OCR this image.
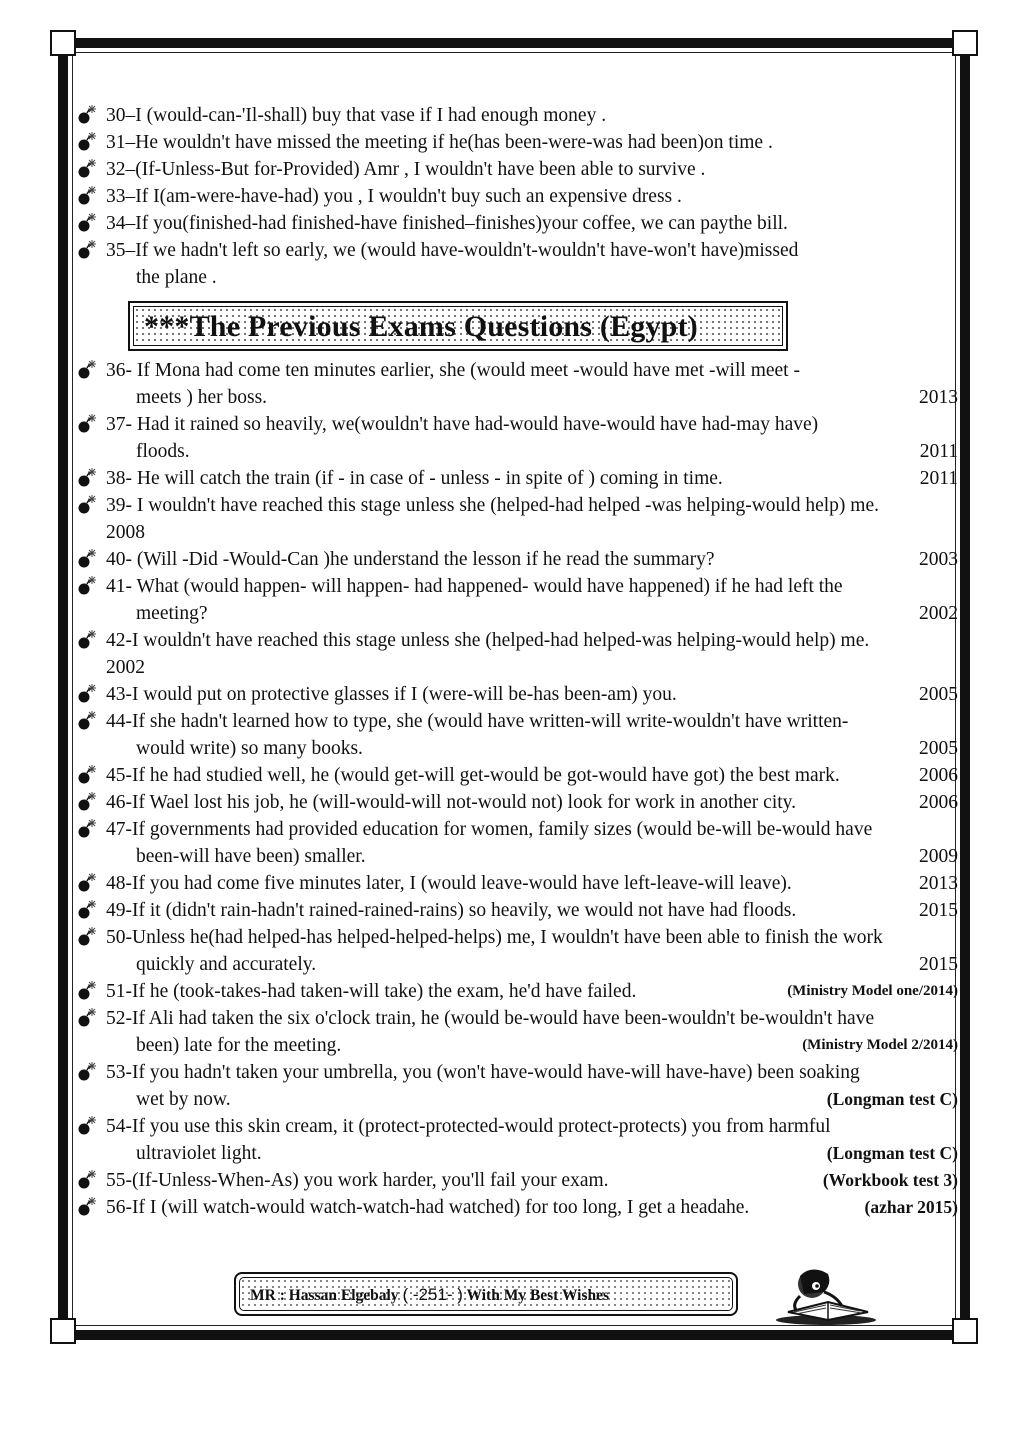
30–I (would-can-'Il-shall) buy that vase if I had enough money .
31–He wouldn't have missed the meeting if he(has been-were-was had been)on time .
32–(If-Unless-But for-Provided) Amr , I wouldn't have been able to survive .
33–If I(am-were-have-had) you , I wouldn't buy such an expensive dress .
34–If you(finished-had finished-have finished–finishes)your coffee, we can paythe bill.
35–If we hadn't left so early, we (would have-wouldn't-wouldn't have-won't have)missed
the plane .
***The Previous Exams Questions (Egypt)
36- If Mona had come ten minutes earlier, she (would meet -would have met -will meet -
meets ) her boss.	2013
37- Had it rained so heavily, we(wouldn't have had-would have-would have had-may have)
floods.	2011
38- He will catch the train (if - in case of - unless - in spite of ) coming in time.	2011
39- I wouldn't have reached this stage unless she (helped-had helped -was helping-would help) me.
2008
40- (Will -Did -Would-Can )he understand the lesson if he read the summary?	2003
41- What (would happen- will happen- had happened- would have happened) if he had left the
meeting?	2002
42-I wouldn't have reached this stage unless she (helped-had helped-was helping-would help) me.
2002
43-I would put on protective glasses if I (were-will be-has been-am) you.	2005
44-If she hadn't learned how to type, she (would have written-will write-wouldn't have written-
would write) so many books.	2005
45-If he had studied well, he (would get-will get-would be got-would have got) the best mark.	2006
46-If Wael lost his job, he (will-would-will not-would not) look for work in another city.	2006
47-If governments had provided education for women, family sizes (would be-will be-would have
been-will have been) smaller.	2009
48-If you had come five minutes later, I (would leave-would have left-leave-will leave).	2013
49-If it (didn't rain-hadn't rained-rained-rains) so heavily, we would not have had floods.	2015
50-Unless he(had helped-has helped-helped-helps) me, I wouldn't have been able to finish the work
quickly and accurately.	2015
51-If he (took-takes-had taken-will take) the exam, he'd have failed.	(Ministry Model one/2014)
52-If Ali had taken the six o'clock train, he (would be-would have been-wouldn't be-wouldn't have
been) late for the meeting.	(Ministry Model 2/2014)
53-If you hadn't taken your umbrella, you (won't have-would have-will have-have) been soaking
wet by now.	(Longman test C)
54-If you use this skin cream, it (protect-protected-would protect-protects) you from harmful
ultraviolet light.	(Longman test C)
55-(If-Unless-When-As) you work harder, you'll fail your exam.	(Workbook test 3)
56-If I (will watch-would watch-watch-had watched) for too long, I get a headahe.	(azhar 2015)
MR : Hassan Elgebaly ( -251- ) With My Best Wishes
